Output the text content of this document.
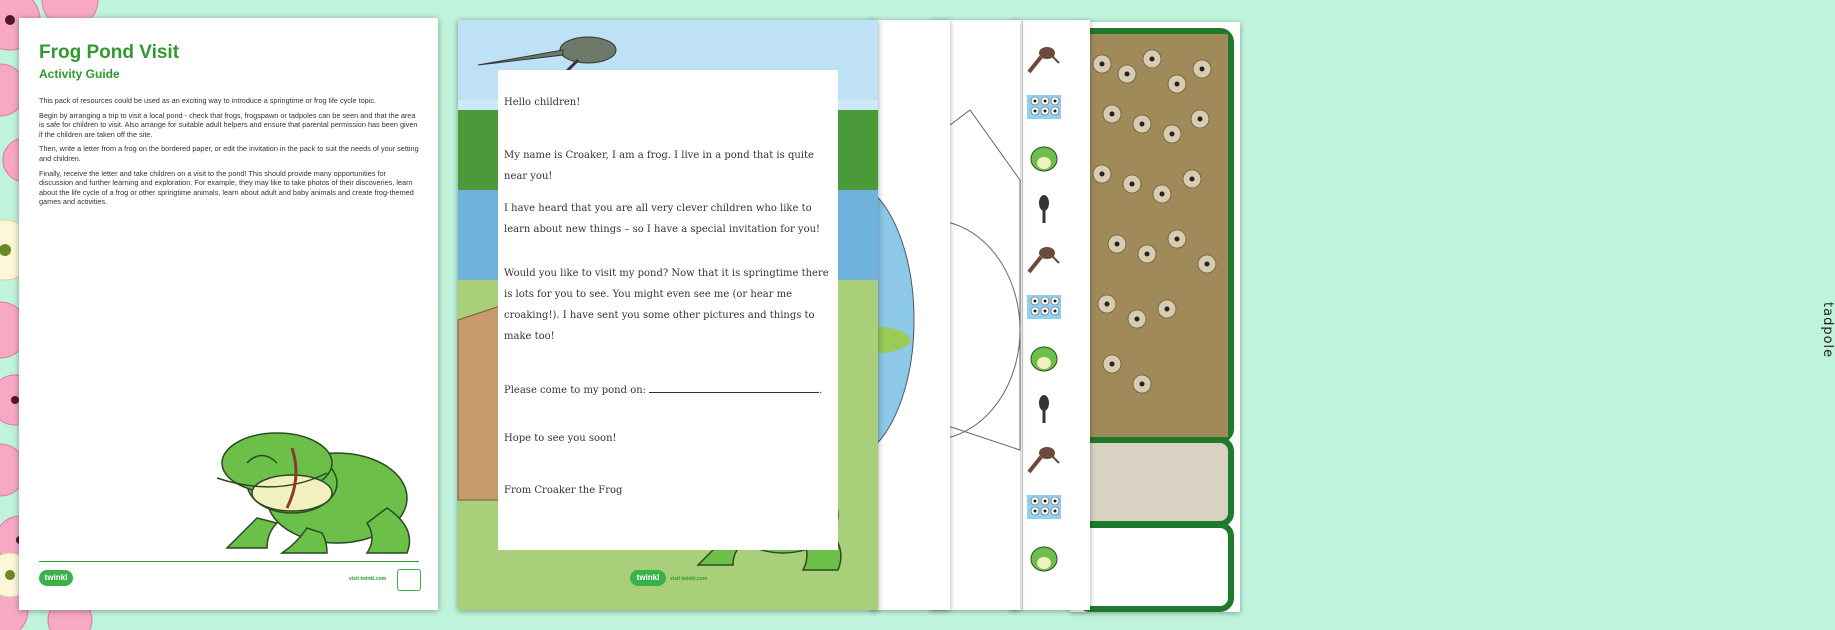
Frog Pond Visit
Activity Guide

This pack of resources could be used as an exciting way to introduce a springtime or frog life cycle topic.

Begin by arranging a trip to visit a local pond - check that frogs, frogspawn or tadpoles can be seen and that the area is safe for children to visit. Also arrange for suitable adult helpers and ensure that parental permission has been given if the children are taken off the site.

Then, write a letter from a frog on the bordered paper, or edit the invitation in the pack to suit the needs of your setting and children.

Finally, receive the letter and take children on a visit to the pond! This should provide many opportunities for discussion and further learning and exploration. For example, they may like to take photos of their discoveries, learn about the life cycle of a frog or other springtime animals, learn about adult and baby animals and create frog-themed games and activities.

twinkl	visit twinkl.com
tadpole
twinkl	visit twinkl.com
Hello children!
My name is Croaker, I am a frog. I live in a pond that is quite near you!
I have heard that you are all very clever children who like to learn about new things – so I have a special invitation for you!
Would you like to visit my pond? Now that it is springtime there is lots for you to see. You might even see me (or hear me croaking!). I have sent you some other pictures and things to make too!
Please come to my pond on:	.
Hope to see you soon!
From Croaker the Frog
